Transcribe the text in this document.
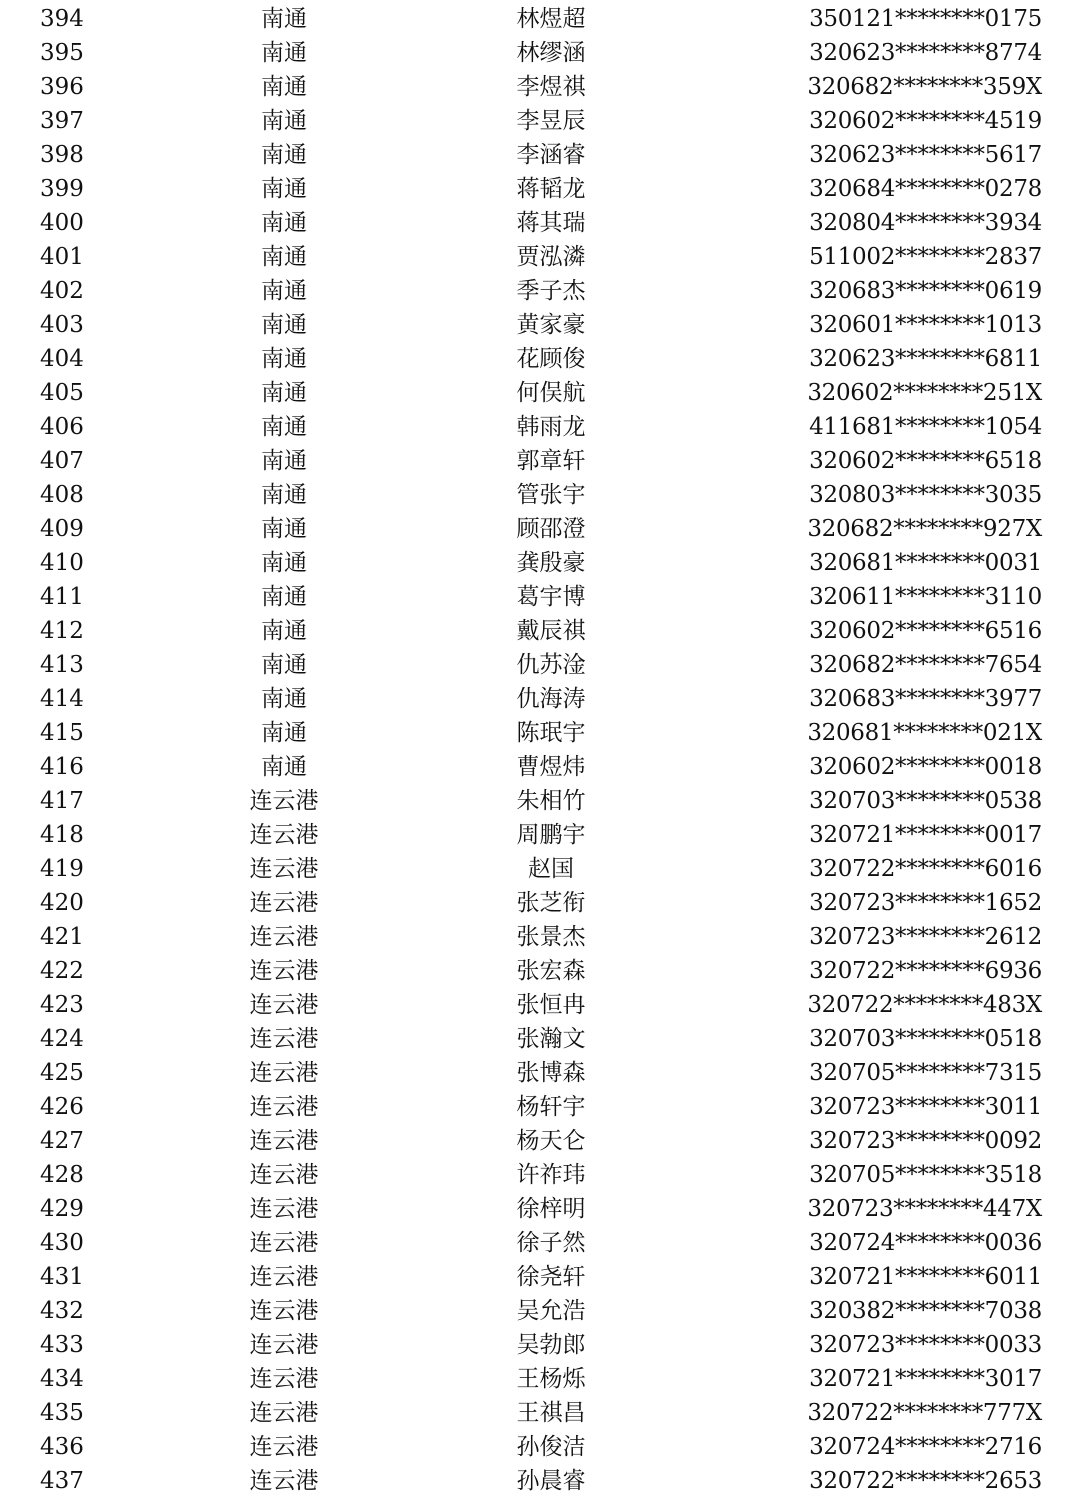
394	南通	林煜超	350121********0175
395	南通	林缪涵	320623********8774
396	南通	李煜祺	320682********359X
397	南通	李昱辰	320602********4519
398	南通	李涵睿	320623********5617
399	南通	蒋韬龙	320684********0278
400	南通	蒋其瑞	320804********3934
401	南通	贾泓潾	511002********2837
402	南通	季子杰	320683********0619
403	南通	黄家豪	320601********1013
404	南通	花顾俊	320623********6811
405	南通	何俣航	320602********251X
406	南通	韩雨龙	411681********1054
407	南通	郭章轩	320602********6518
408	南通	管张宇	320803********3035
409	南通	顾邵澄	320682********927X
410	南通	龚殷豪	320681********0031
411	南通	葛宇博	320611********3110
412	南通	戴辰祺	320602********6516
413	南通	仇苏淦	320682********7654
414	南通	仇海涛	320683********3977
415	南通	陈珉宇	320681********021X
416	南通	曹煜炜	320602********0018
417	连云港	朱相竹	320703********0538
418	连云港	周鹏宇	320721********0017
419	连云港	赵国	320722********6016
420	连云港	张芝衔	320723********1652
421	连云港	张景杰	320723********2612
422	连云港	张宏森	320722********6936
423	连云港	张恒冉	320722********483X
424	连云港	张瀚文	320703********0518
425	连云港	张博森	320705********7315
426	连云港	杨轩宇	320723********3011
427	连云港	杨天仑	320723********0092
428	连云港	许祚玮	320705********3518
429	连云港	徐梓明	320723********447X
430	连云港	徐子然	320724********0036
431	连云港	徐尧轩	320721********6011
432	连云港	吴允浩	320382********7038
433	连云港	吴勃郎	320723********0033
434	连云港	王杨烁	320721********3017
435	连云港	王祺昌	320722********777X
436	连云港	孙俊洁	320724********2716
437	连云港	孙晨睿	320722********2653
